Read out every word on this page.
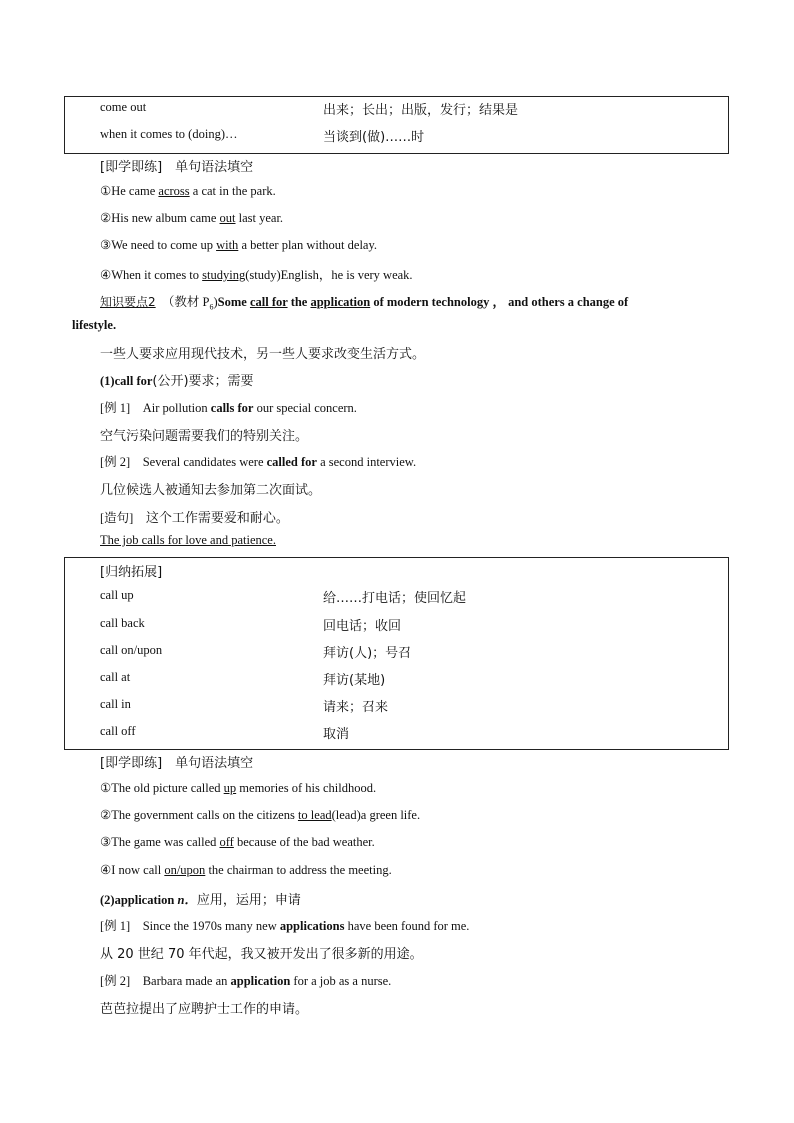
come out	出来；长出；出版，发行；结果是
when it comes to (doing)…	当谈到(做)……时
[即学即练]　单句语法填空
①He came across a cat in the park.
②His new album came out last year.
③We need to come up with a better plan without delay.
④When it comes to studying(study)English，he is very weak.
知识要点2　 （教材 $P_6)Some$ call for the application of modern technology ， and others a change of
lifestyle.
一些人要求应用现代技术，另一些人要求改变生活方式。
(1)call for(公开)要求；需要
[例 1]　 Air pollution calls for our special concern.
空气污染问题需要我们的特别关注。
[例 2]　 Several candidates were called for a second interview.
几位候选人被通知去参加第二次面试。
[造句]　 这个工作需要爱和耐心。
The job calls for love and patience.
[归纳拓展]
call up	给……打电话；使回忆起
call back	回电话；收回
call on/upon	拜访(人)；号召
call at	拜访(某地)
call in	请来；召来
call off	取消
[即学即练]　单句语法填空
①The old picture called up memories of his childhood.
②The government calls on the citizens to lead(lead)a green life.
③The game was called off because of the bad weather.
④I now call on/upon the chairman to address the meeting.
(2)application n．应用，运用；申请
[例 1]　 Since the 1970s many new applications have been found for me.
从 20 世纪 70 年代起，我又被开发出了很多新的用途。
[例 2]　 Barbara made an application for a job as a nurse.
芭芭拉提出了应聘护士工作的申请。
